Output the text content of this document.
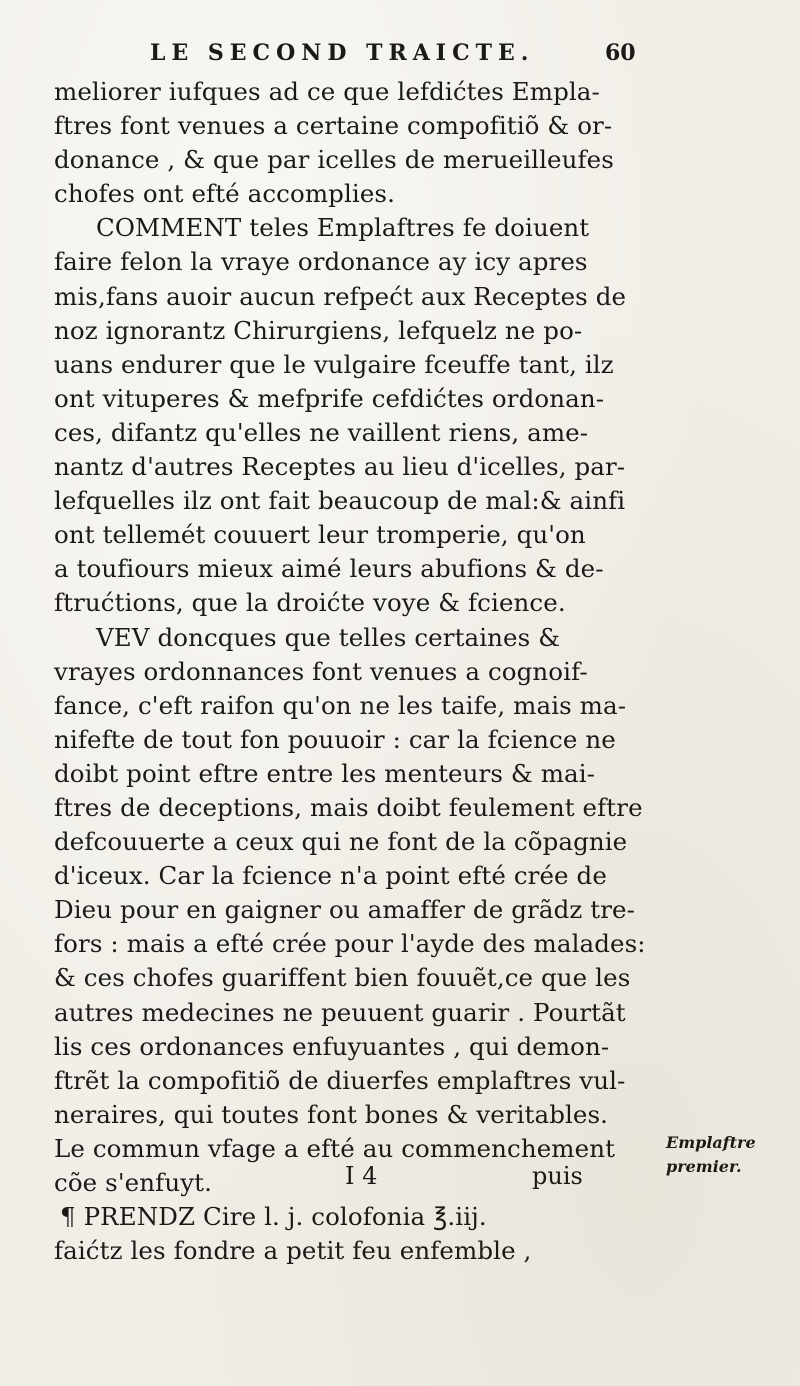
LE SECOND TRAICTE.	60
meliorer iufques ad ce que lefdićtes Empla-
ftres font venues a certaine compofitiõ & or-
donance , & que par icelles de merueilleufes
chofes ont efté accomplies.
COMMENT teles Emplaftres fe doiuent
faire felon la vraye ordonance ay icy apres
mis,fans auoir aucun refpećt aux Receptes de
noz ignorantz Chirurgiens, lefquelz ne po-
uans endurer que le vulgaire fceuffe tant, ilz
ont vituperes & mefprife cefdićtes ordonan-
ces, difantz qu'elles ne vaillent riens, ame-
nantz d'autres Receptes au lieu d'icelles, par-
lefquelles ilz ont fait beaucoup de mal:& ainfi
ont tellemét couuert leur tromperie, qu'on
a toufiours mieux aimé leurs abufions & de-
ftrućtions, que la droićte voye & fcience.
VEV doncques que telles certaines &
vrayes ordonnances font venues a cognoif-
fance, c'eft raifon qu'on ne les taife, mais ma-
nifefte de tout fon pouuoir : car la fcience ne
doibt point eftre entre les menteurs & mai-
ftres de deceptions, mais doibt feulement eftre
defcouuerte a ceux qui ne font de la cõpagnie
d'iceux. Car la fcience n'a point efté crée de
Dieu pour en gaigner ou amaffer de grãdz tre-
fors : mais a efté crée pour l'ayde des malades:
& ces chofes guariffent bien fouuẽt,ce que les
autres medecines ne peuuent guarir . Pourtãt
lis ces ordonances enfuyuantes , qui demon-
ftrẽt la compofitiõ de diuerfes emplaftres vul-
neraires, qui toutes font bones & veritables.
Le commun vfage a efté au commenchement
cõe s'enfuyt.
¶ PRENDZ Cire l. j. colofonia ℥.iij.
faićtz les fondre a petit feu enfemble ,
Emplaftre
premier.
I 4	puis
